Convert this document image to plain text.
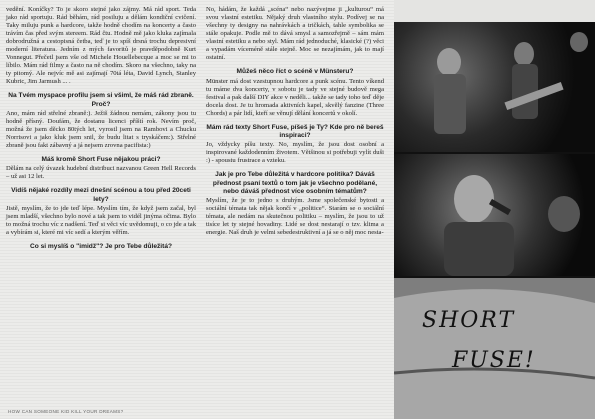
vedění. Koníčky? To je skoro stejné jako zájmy. Má rád sport. Teda jako rád sportuju. Rád běhám, rád posiluju a dělám kondiční cvičení. Taky miluju punk a hardcore, takže hodně chodím na koncerty a často trávím čas před svým stereem. Rád čtu. Hodně mě jako kluka zajímala dobrodružná a cestopisná četba, teď je to spíš drsná trochu depresivní moderní literatura. Jedním z mých favoritů je pravděpodobně Kurt Vonnegut. Přečetl jsem vše od Michele Houellebecque a moc se mi to líbilo. Mám rád filmy a často na ně chodím. Skoro na všechno, taky na ty pitomý. Ale nejvíc mě asi zajímají 70tá léta, David Lynch, Stanley Kubric, Jim Jarmush ... .

Na Tvém myspace profilu jsem si všiml, že máš rád zbraně. Proč?

Ano, mám rád střelné zbraně:). Ježiš žádnou nemám, zákony jsou tu hodně přísný. Doufám, že dostanu licenci příští rok. Nevím proč, možná že jsem děcko 80tých let, vyrostl jsem na Rambovi a Chucku Norrisovi a jako kluk jsem snil, že budu litat s tryskáčem:). Střelné zbraně jsou fakt zábavný a já nejsem zrovna pacifista:)

Máš kromě Short Fuse nějakou práci?

Dělám na celý úvazek hudební distribuci nazvanou Green Hell Records – už asi 12 let.

Vidíš nějaké rozdíly mezi dnešní scénou a tou před 20ceti lety?

Jistě, myslím, že to jde teď lépe. Myslím tím, že když jsem začal, byl jsem mladší, všechno bylo nové a tak jsem to vidél jinýma očima. Bylo to možná trochu víc z nadšení. Teď si věci víc uvědomuji, o co jde a tak a vybírám si, které mi víc sedí a kterým věřím.

Co si myslíš o "imidž"? Je pro Tebe důležitá?

No, hádám, že každá „scéna“ nebo nazývejme ji „kulturou“ má svou vlastní estetiku. Nějaký druh vlastního stylu. Podívej se na všechny ty designy na nahrávkách a tričkách, tahle symbolika se stále opakuje. Podle mě to dává smysl a samozřejmě – sám mám vlastní estetiku a nebo styl. Mám rád jednoduché, klasické (?) věci a vypadám víceméně stále stejně. Moc se nezajímám, jak to mají ostatní.

Můžeš něco říct o scéně v Münsteru?

Münster má dost vzestupnou hardcore a punk scénu. Tento víkend tu máme dva koncerty, v sobotu je tady ve stejné budově mega festival a pak další DIY akce v neděli... takže se tady toho teď děje docela dost. Je tu hromada aktivních kapel, skvělý fanzine (Three Chords) a pár lidí, kteří se věnují dělání koncertů v okolí.

Mám rád texty Short Fuse, píšeš je Ty? Kde pro ně bereš inspiraci?

Jo, vždycky píšu texty. No, myslím, že jsou dost osobní a inspirované každodenním životem. Většinou si potřebuji vylít duši :) - spoustu frustrace a vzteku.

Jak je pro Tebe důležitá v hardcore politika? Dáváš přednost psaní textů o tom jak je všechno podělané, nebo dáváš přednost více osobním tématům?

Myslím, že je to jedno s druhým. Jsme společenské bytosti a sociální témata tak nějak končí v „politice“. Starám se o sociální témata, ale nedám na skutečnou politiku – myslím, že jsou to už tisíce let ty stejné hovadiny. Lidé se dost nestarají o tzv. klima a energie. Naš druh je velmi sebedestruktivní a já se o něj moc nesta-

SHORT
FUSE!
HOW CAN SOMEONE KID KILL YOUR DREAMS?
